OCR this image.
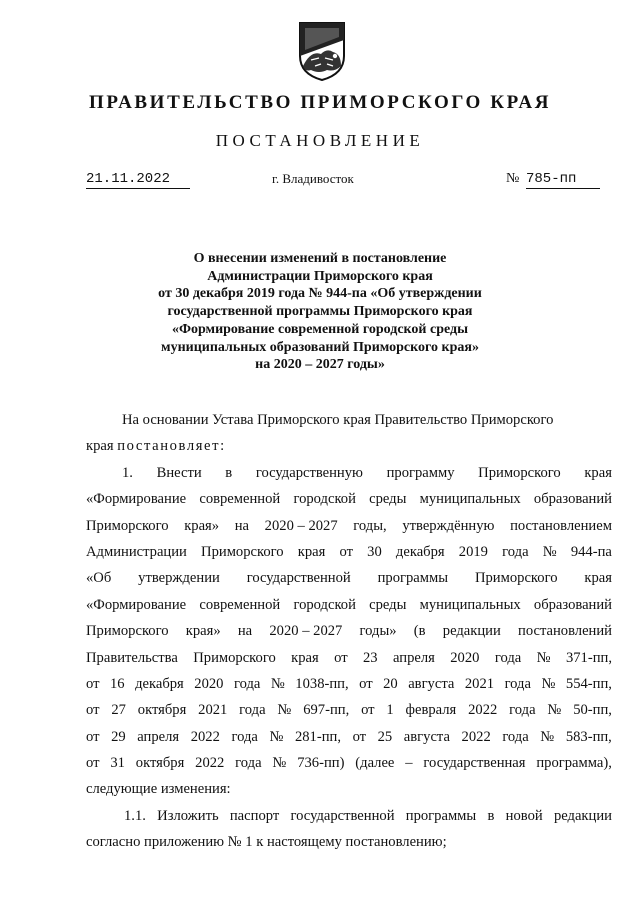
ПРАВИТЕЛЬСТВО ПРИМОРСКОГО КРАЯ
ПОСТАНОВЛЕНИЕ
21.11.2022	г. Владивосток	№ 785-пп
О внесении изменений в постановление
Администрации Приморского края
от 30 декабря 2019 года № 944-па «Об утверждении
государственной программы Приморского края
«Формирование современной городской среды
муниципальных образований Приморского края»
на 2020 – 2027 годы»
На основании Устава Приморского края Правительство Приморского
края постановляет:
1. Внести в государственную программу Приморского края
«Формирование современной городской среды муниципальных образований
Приморского края» на 2020 – 2027 годы, утверждённую постановлением
Администрации Приморского края от 30 декабря 2019 года № 944-па
«Об утверждении государственной программы Приморского края
«Формирование современной городской среды муниципальных образований
Приморского края» на 2020 – 2027 годы» (в редакции постановлений
Правительства Приморского края от 23 апреля 2020 года № 371-пп,
от 16 декабря 2020 года № 1038-пп, от 20 августа 2021 года № 554-пп,
от 27 октября 2021 года № 697-пп, от 1 февраля 2022 года № 50-пп,
от 29 апреля 2022 года № 281-пп, от 25 августа 2022 года № 583-пп,
от 31 октября 2022 года № 736-пп) (далее – государственная программа),
следующие изменения:
1.1. Изложить паспорт государственной программы в новой редакции
согласно приложению № 1 к настоящему постановлению;
